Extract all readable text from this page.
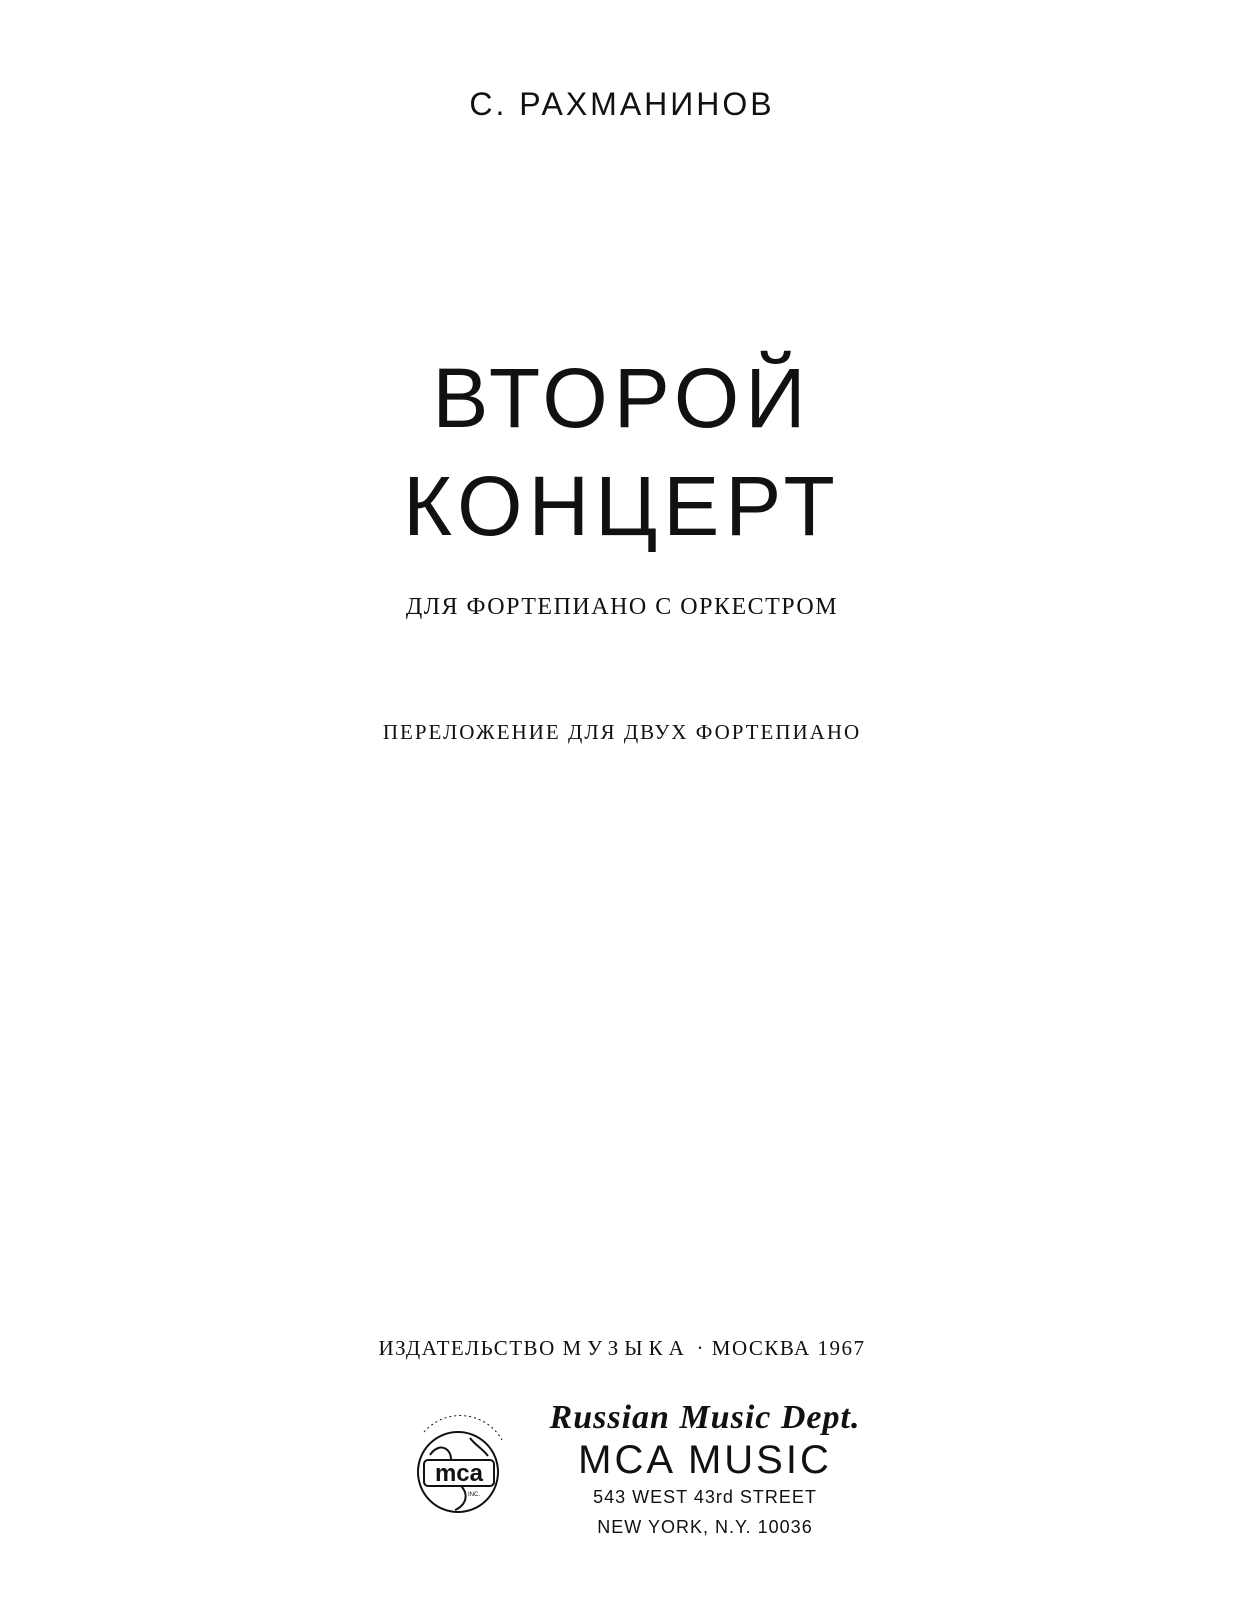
С. РАХМАНИНОВ
ВТОРОЙ
КОНЦЕРТ
ДЛЯ ФОРТЕПИАНО С ОРКЕСТРОМ
ПЕРЕЛОЖЕНИЕ ДЛЯ ДВУХ ФОРТЕПИАНО
ИЗДАТЕЛЬСТВО МУЗЫКА · МОСКВА 1967
mca
INC.
Russian Music Dept.
MCA MUSIC
543 WEST 43rd STREET
NEW YORK, N.Y. 10036
